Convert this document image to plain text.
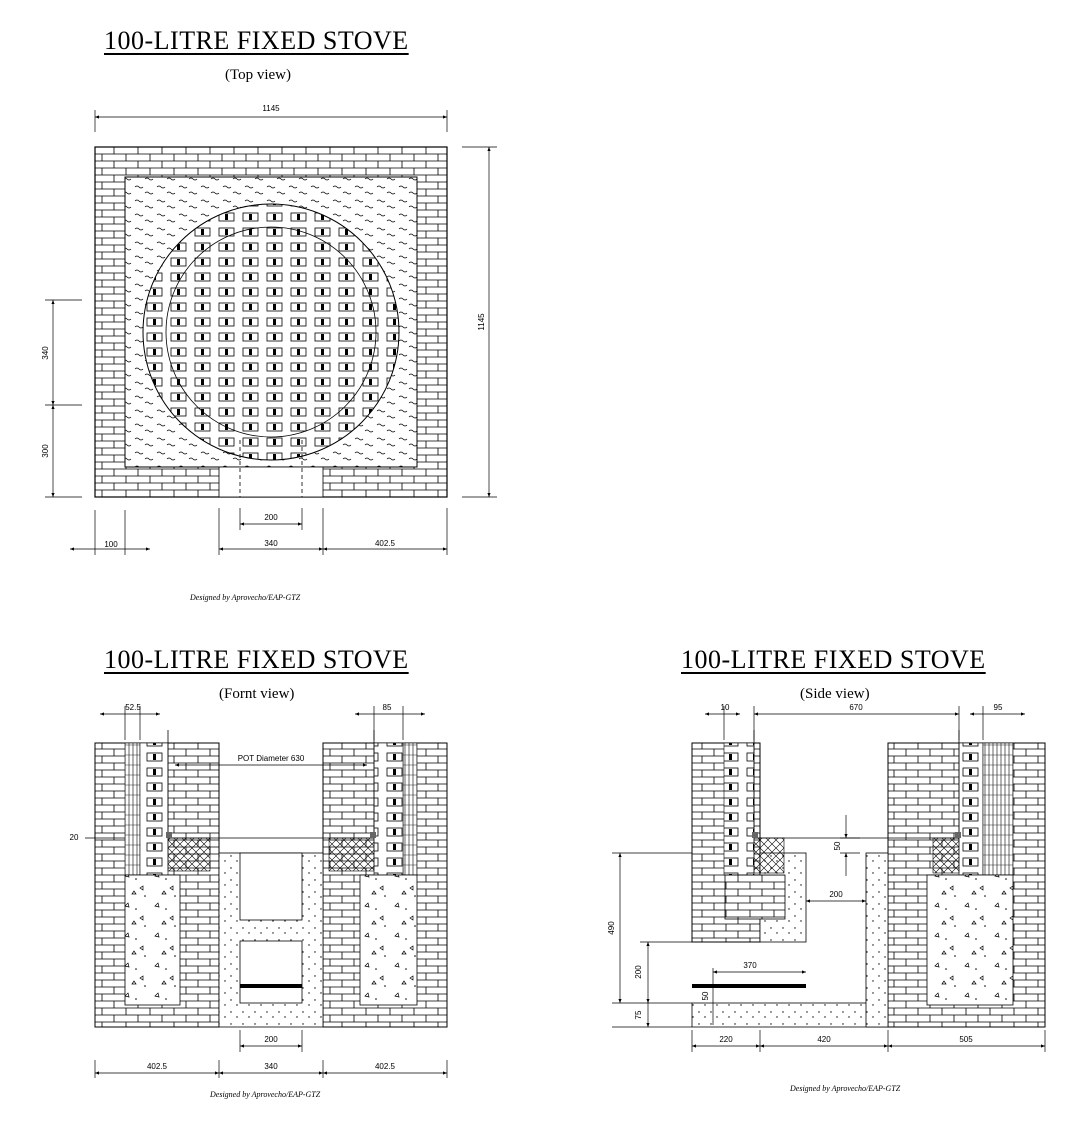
100-LITRE FIXED STOVE
(Top view)
Designed by Aprovecho/EAP-GTZ
100-LITRE FIXED STOVE
(Fornt view)
Designed by Aprovecho/EAP-GTZ
100-LITRE FIXED STOVE
(Side view)
Designed by Aprovecho/EAP-GTZ
1145
1145
340
300
100
200
340	402.5
52.5	85
POT Diameter 630
20
200
402.5	340	402.5
10	670	95
50
200
490
200	370
50
75
220	420	505
